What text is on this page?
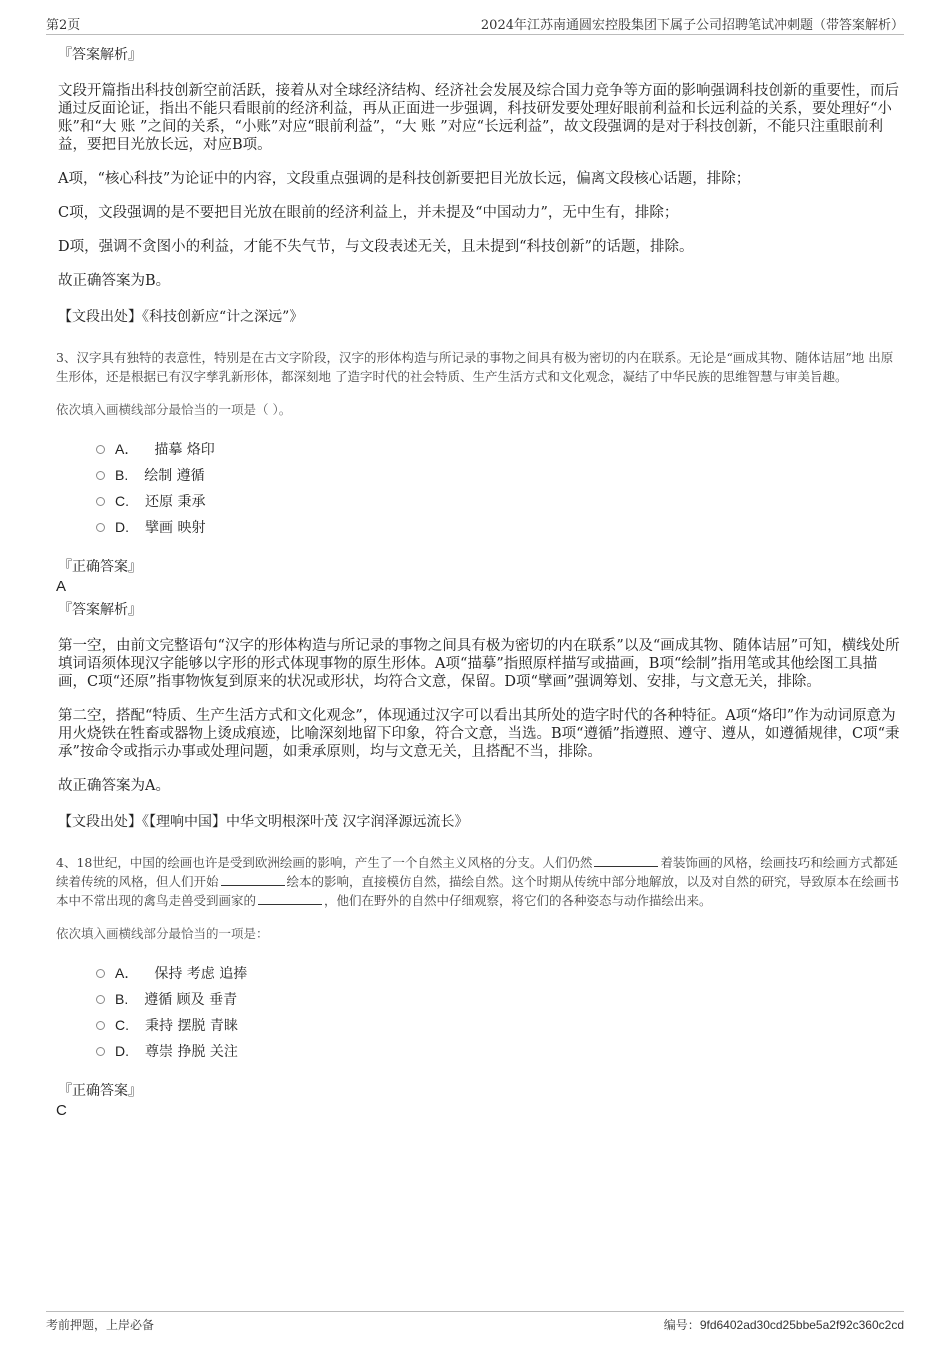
第2页	2024年江苏南通圆宏控股集团下属子公司招聘笔试冲刺题（带答案解析）
『答案解析』

文段开篇指出科技创新空前活跃，接着从对全球经济结构、经济社会发展及综合国力竞争等方面的影响强调科技创新的重要性，而后通过反面论证，指出不能只看眼前的经济利益，再从正面进一步强调，科技研发要处理好眼前利益和长远利益的关系，要处理好“小账”和“大 账 ”之间的关系，“小账”对应“眼前利益”，“大 账 ”对应“长远利益”，故文段强调的是对于科技创新，不能只注重眼前利益，要把目光放长远，对应B项。

A项，“核心科技”为论证中的内容，文段重点强调的是科技创新要把目光放长远，偏离文段核心话题，排除；

C项，文段强调的是不要把目光放在眼前的经济利益上，并未提及“中国动力”，无中生有，排除；

D项，强调不贪图小的利益，才能不失气节，与文段表述无关，且未提到“科技创新”的话题，排除。

故正确答案为B。

【文段出处】《科技创新应“计之深远”》

3、汉字具有独特的表意性，特别是在古文字阶段，汉字的形体构造与所记录的事物之间具有极为密切的内在联系。无论是“画成其物、随体诘屈”地 出原生形体，还是根据已有汉字孳乳新形体，都深刻地 了造字时代的社会特质、生产生活方式和文化观念，凝结了中华民族的思维智慧与审美旨趣。

依次填入画横线部分最恰当的一项是（ ）。

A． 描摹 烙印
B. 绘制 遵循
C. 还原 秉承
D. 擘画 映射
『正确答案』
A
『答案解析』

第一空，由前文完整语句“汉字的形体构造与所记录的事物之间具有极为密切的内在联系”以及“画成其物、随体诘屈”可知，横线处所填词语须体现汉字能够以字形的形式体现事物的原生形体。A项“描摹”指照原样描写或描画，B项“绘制”指用笔或其他绘图工具描画，C项“还原”指事物恢复到原来的状况或形状，均符合文意，保留。D项“擘画”强调筹划、安排，与文意无关，排除。

第二空，搭配“特质、生产生活方式和文化观念”，体现通过汉字可以看出其所处的造字时代的各种特征。A项“烙印”作为动词原意为用火烧铁在牲畜或器物上烫成痕迹，比喻深刻地留下印象，符合文意，当选。B项“遵循”指遵照、遵守、遵从，如遵循规律，C项“秉承”按命令或指示办事或处理问题，如秉承原则，均与文意无关，且搭配不当，排除。

故正确答案为A。

【文段出处】《【理响中国】中华文明根深叶茂 汉字润泽源远流长》

4、18世纪，中国的绘画也许是受到欧洲绘画的影响，产生了一个自然主义风格的分支。人们仍然	着装饰画的风格，绘画技巧和绘画方式都延续着传统的风格，但人们开始	绘本的影响，直接模仿自然，描绘自然。这个时期从传统中部分地解放，以及对自然的研究，导致原本在绘画书本中不常出现的禽鸟走兽受到画家的	，他们在野外的自然中仔细观察，将它们的各种姿态与动作描绘出来。

依次填入画横线部分最恰当的一项是：

A． 保持 考虑 追捧
B. 遵循 顾及 垂青
C. 秉持 摆脱 青睐
D. 尊崇 挣脱 关注
『正确答案』
C
考前押题，上岸必备	编号：9fd6402ad30cd25bbe5a2f92c360c2cd
